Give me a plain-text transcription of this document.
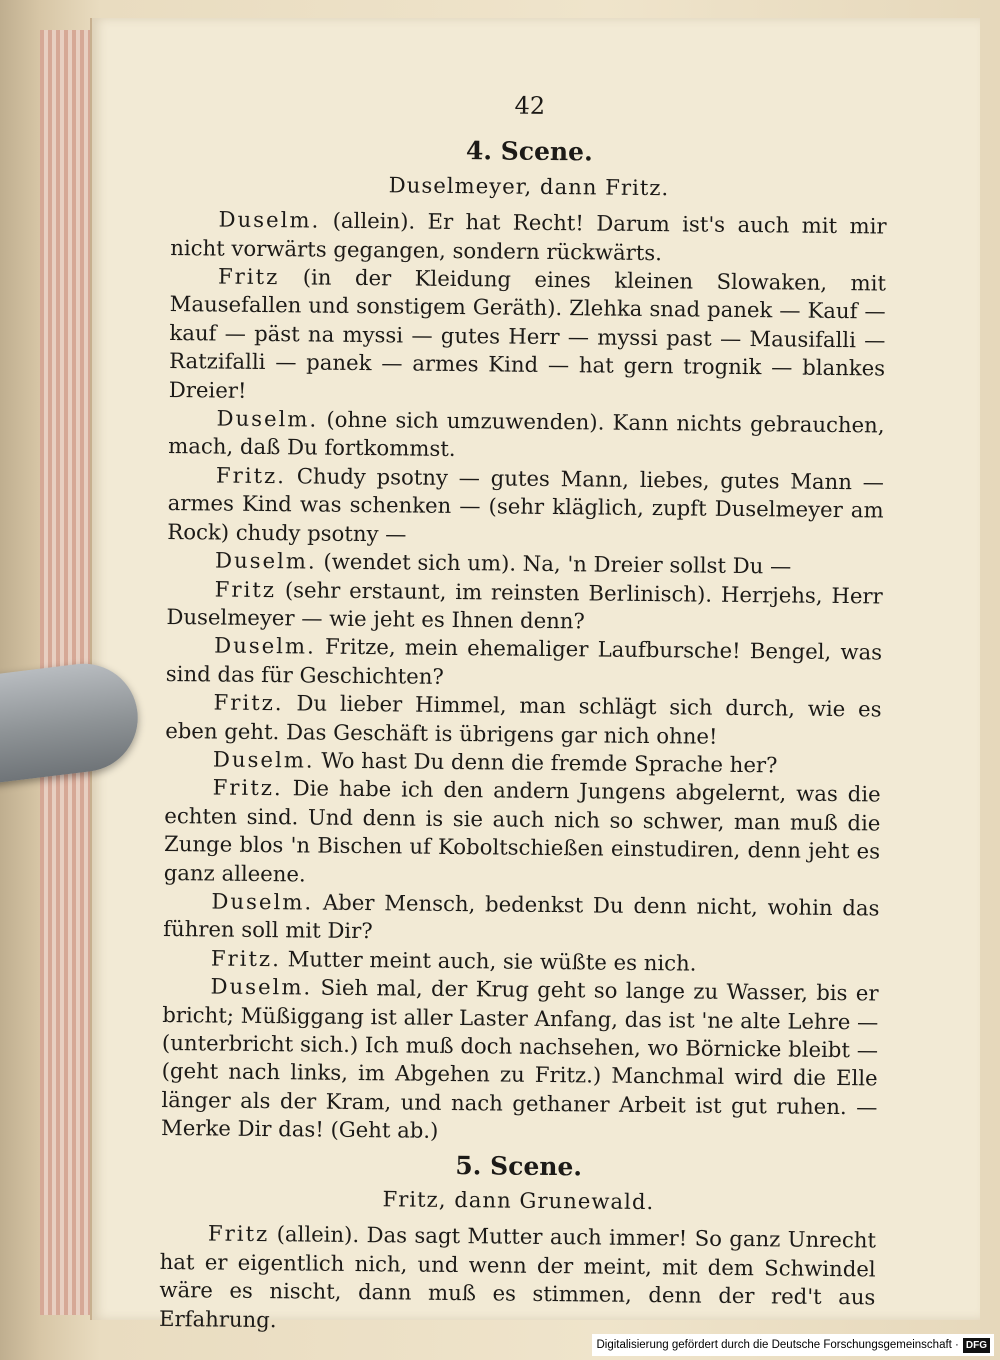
42
4. Scene.
Duselmeyer, dann Fritz.

Duselm. (allein). Er hat Recht! Darum ist's auch mit mir nicht vorwärts gegangen, sondern rückwärts.

Fritz (in der Kleidung eines kleinen Slowaken, mit Mausefallen und sonstigem Geräth). Zlehka snad panek — Kauf — kauf — päst na myssi — gutes Herr — myssi past — Mausifalli — Ratzifalli — panek — armes Kind — hat gern trognik — blankes Dreier!

Duselm. (ohne sich umzuwenden). Kann nichts gebrauchen, mach, daß Du fortkommst.

Fritz. Chudy psotny — gutes Mann, liebes, gutes Mann — armes Kind was schenken — (sehr kläglich, zupft Duselmeyer am Rock) chudy psotny —

Duselm. (wendet sich um). Na, 'n Dreier sollst Du —

Fritz (sehr erstaunt, im reinsten Berlinisch). Herrjehs, Herr Duselmeyer — wie jeht es Ihnen denn?

Duselm. Fritze, mein ehemaliger Laufbursche! Bengel, was sind das für Geschichten?

Fritz. Du lieber Himmel, man schlägt sich durch, wie es eben geht. Das Geschäft is übrigens gar nich ohne!

Duselm. Wo hast Du denn die fremde Sprache her?

Fritz. Die habe ich den andern Jungens abgelernt, was die echten sind. Und denn is sie auch nich so schwer, man muß die Zunge blos 'n Bischen uf Koboltschießen einstudiren, denn jeht es ganz alleene.

Duselm. Aber Mensch, bedenkst Du denn nicht, wohin das führen soll mit Dir?

Fritz. Mutter meint auch, sie wüßte es nich.

Duselm. Sieh mal, der Krug geht so lange zu Wasser, bis er bricht; Müßiggang ist aller Laster Anfang, das ist 'ne alte Lehre — (unterbricht sich.) Ich muß doch nachsehen, wo Börnicke bleibt — (geht nach links, im Abgehen zu Fritz.) Manchmal wird die Elle länger als der Kram, und nach gethaner Arbeit ist gut ruhen. — Merke Dir das! (Geht ab.)

5. Scene.
Fritz, dann Grunewald.

Fritz (allein). Das sagt Mutter auch immer! So ganz Unrecht hat er eigentlich nich, und wenn der meint, mit dem Schwindel wäre es nischt, dann muß es stimmen, denn der red't aus Erfahrung.

Digitalisierung gefördert durch die Deutsche Forschungsgemeinschaft · DFG
